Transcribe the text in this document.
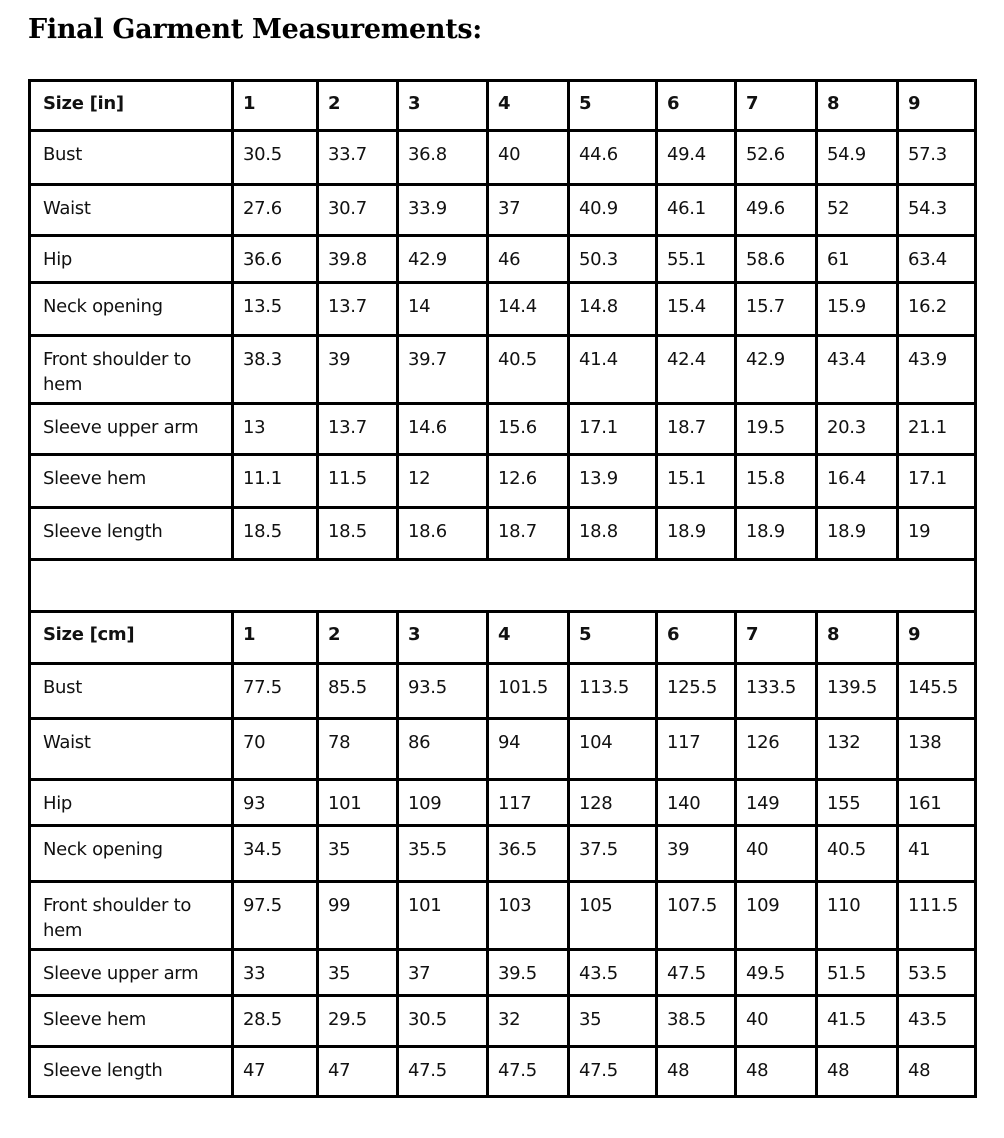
Final Garment Measurements:
Size [in]	1	2	3	4	5	6	7	8	9

Bust	30.5	33.7	36.8	40	44.6	49.4	52.6	54.9	57.3

Waist	27.6	30.7	33.9	37	40.9	46.1	49.6	52	54.3

Hip	36.6	39.8	42.9	46	50.3	55.1	58.6	61	63.4

Neck opening	13.5	13.7	14	14.4	14.8	15.4	15.7	15.9	16.2

Front shoulder to hem	38.3	39	39.7	40.5	41.4	42.4	42.9	43.4	43.9

Sleeve upper arm	13	13.7	14.6	15.6	17.1	18.7	19.5	20.3	21.1

Sleeve hem	11.1	11.5	12	12.6	13.9	15.1	15.8	16.4	17.1

Sleeve length	18.5	18.5	18.6	18.7	18.8	18.9	18.9	18.9	19

Size [cm]	1	2	3	4	5	6	7	8	9

Bust	77.5	85.5	93.5	101.5	113.5	125.5	133.5	139.5	145.5

Waist	70	78	86	94	104	117	126	132	138

Hip	93	101	109	117	128	140	149	155	161

Neck opening	34.5	35	35.5	36.5	37.5	39	40	40.5	41

Front shoulder to hem	97.5	99	101	103	105	107.5	109	110	111.5

Sleeve upper arm	33	35	37	39.5	43.5	47.5	49.5	51.5	53.5

Sleeve hem	28.5	29.5	30.5	32	35	38.5	40	41.5	43.5

Sleeve length	47	47	47.5	47.5	47.5	48	48	48	48
